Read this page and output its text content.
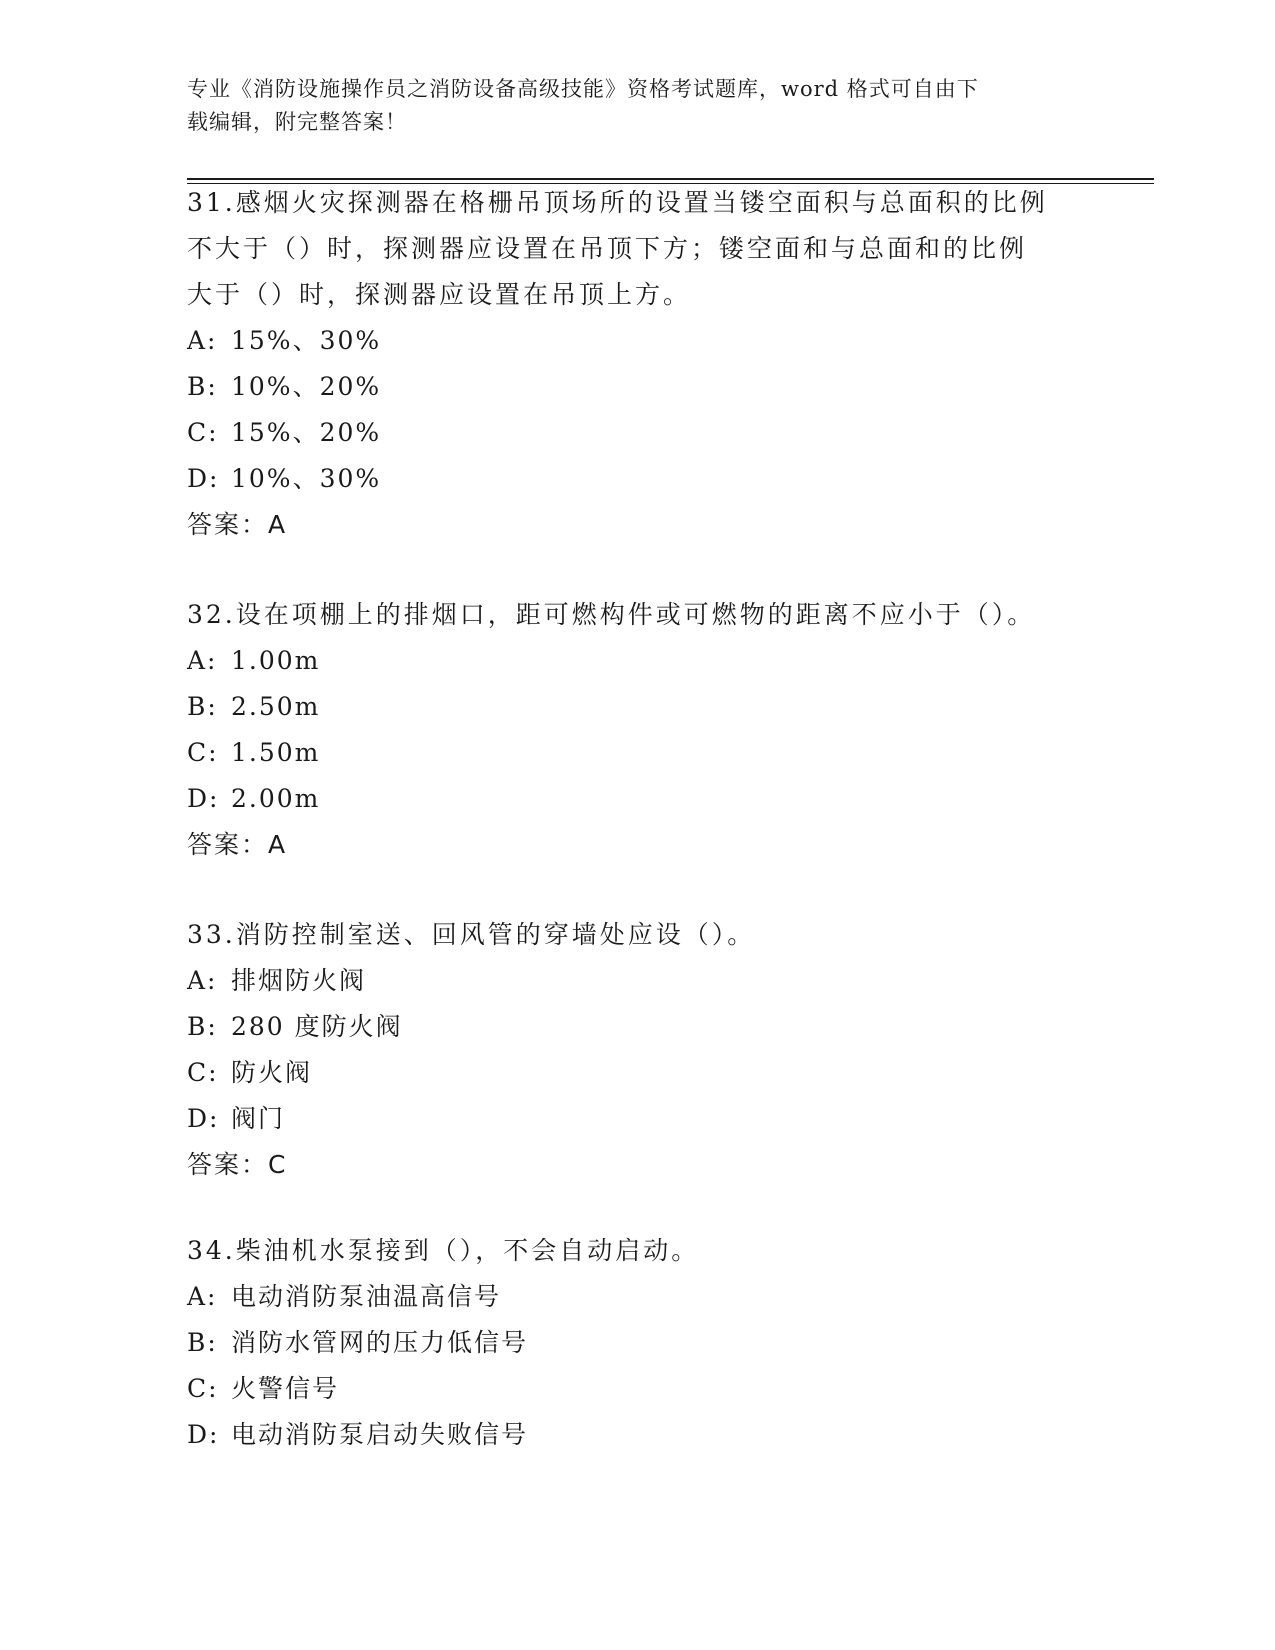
专业《消防设施操作员之消防设备高级技能》资格考试题库，word 格式可自由下
载编辑，附完整答案！

31.感烟火灾探测器在格栅吊顶场所的设置当镂空面积与总面积的比例

不大于（）时，探测器应设置在吊顶下方；镂空面和与总面和的比例

大于（）时，探测器应设置在吊顶上方。

A: 15%、30%

B: 10%、20%

C: 15%、20%

D: 10%、30%

答案：A

32.设在项棚上的排烟口，距可燃构件或可燃物的距离不应小于（）。

A: 1.00m

B: 2.50m

C: 1.50m

D: 2.00m

答案：A

33.消防控制室送、回风管的穿墙处应设（）。

A: 排烟防火阀

B: 280 度防火阀

C: 防火阀

D: 阀门

答案：C

34.柴油机水泵接到（），不会自动启动。

A: 电动消防泵油温高信号

B: 消防水管网的压力低信号

C: 火警信号

D: 电动消防泵启动失败信号
